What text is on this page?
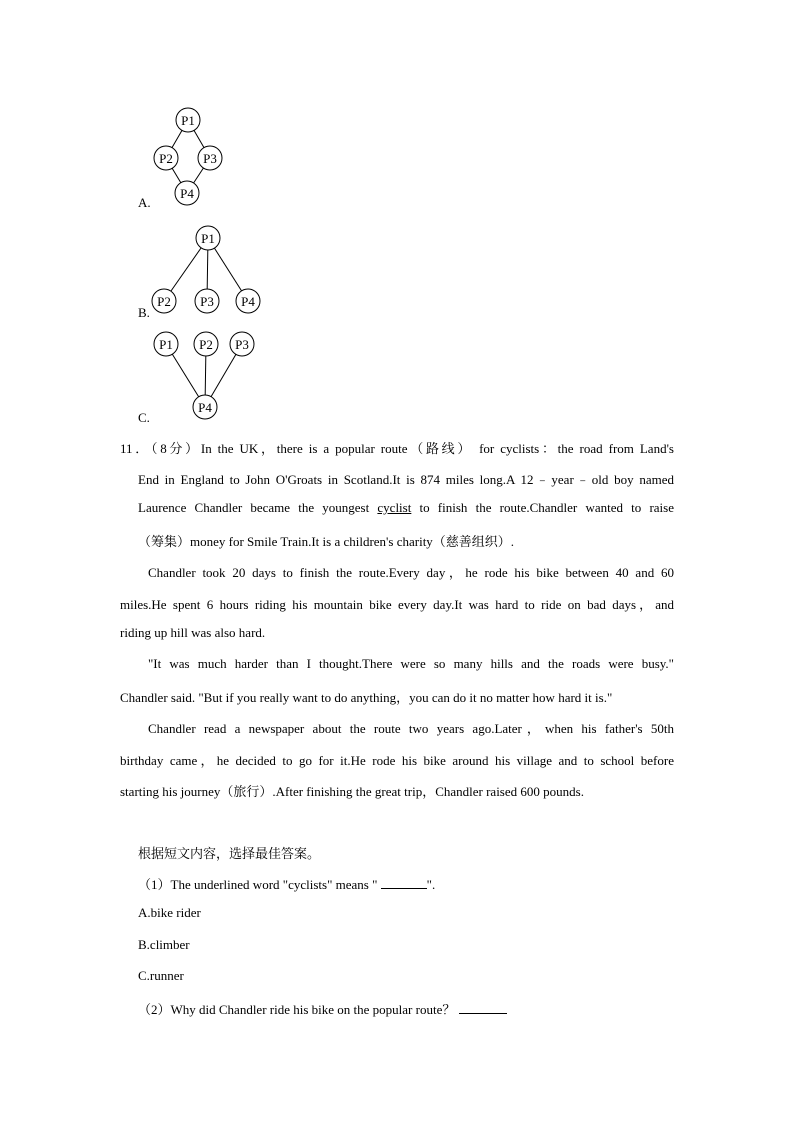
P1
P2 P3
P4
A.
P1
P2 P3 P4
B.
P1 P2 P3
P4
C.
11．（8分）In the UK，there is a popular route（路线） for cyclists：the road from Land's
End in England to John O'Groats in Scotland.It is 874 miles long.A 12﹣year﹣old boy named
Laurence Chandler became the youngest cyclist to finish the route.Chandler wanted to raise
（筹集）money for Smile Train.It is a children's charity（慈善组织）.
Chandler took 20 days to finish the route.Every day，he rode his bike between 40 and 60
miles.He spent 6 hours riding his mountain bike every day.It was hard to ride on bad days，and
riding up hill was also hard.
"It was much harder than I thought.There were so many hills and the roads were busy."
Chandler said. "But if you really want to do anything，you can do it no matter how hard it is."
Chandler read a newspaper about the route two years ago.Later，when his father's 50th
birthday came，he decided to go for it.He rode his bike around his village and to school before
starting his journey（旅行）.After finishing the great trip，Chandler raised 600 pounds.
根据短文内容，选择最佳答案。
（1）The underlined word "cyclists" means "	".
A.bike rider
B.climber
C.runner
（2）Why did Chandler ride his bike on the popular route？
